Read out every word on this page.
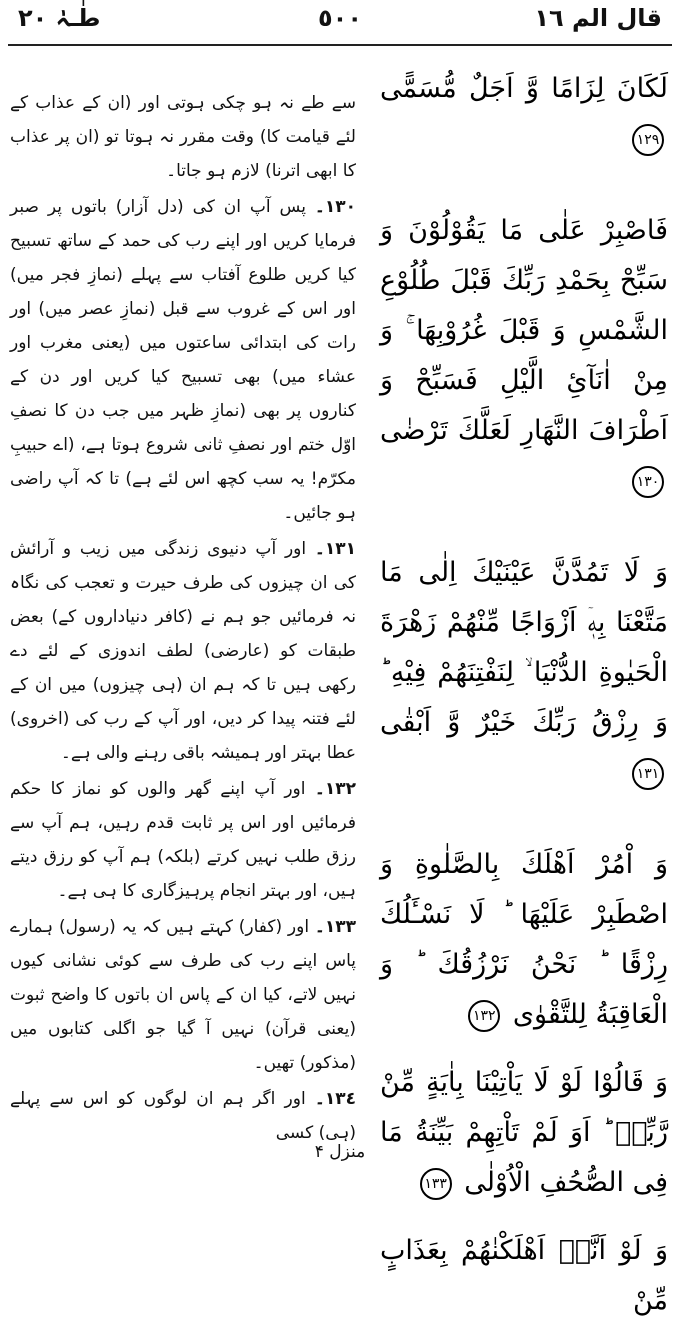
قال الم ١٦
٥٠٠
طٰـہٰ ٢٠

لَكَانَ لِزَامًا وَّ اَجَلٌ مُّسَمًّى ١٢٩

فَاصْبِرْ عَلٰى مَا يَقُوْلُوْنَ وَ سَبِّحْ بِحَمْدِ رَبِّكَ قَبْلَ طُلُوْعِ الشَّمْسِ وَ قَبْلَ غُرُوْبِهَا ۚ وَ مِنْ اٰنَآئِ الَّيْلِ فَسَبِّحْ وَ اَطْرَافَ النَّهَارِ لَعَلَّكَ تَرْضٰى ١٣٠

وَ لَا تَمُدَّنَّ عَيْنَيْكَ اِلٰى مَا مَتَّعْنَا بِهٖۤ اَزْوَاجًا مِّنْهُمْ زَهْرَةَ الْحَيٰوةِ الدُّنْيَا ۙ لِنَفْتِنَهُمْ فِيْهِ ؕ وَ رِزْقُ رَبِّكَ خَيْرٌ وَّ اَبْقٰى ١٣١

وَ اْمُرْ اَهْلَكَ بِالصَّلٰوةِ وَ اصْطَبِرْ عَلَيْهَا ؕ لَا نَسْـَٔلُكَ رِزْقًا ؕ نَحْنُ نَرْزُقُكَ ؕ وَ الْعَاقِبَةُ لِلتَّقْوٰى ١٣٢

وَ قَالُوْا لَوْ لَا يَاْتِيْنَا بِاٰيَةٍ مِّنْ رَّبِّهٖ ؕ اَوَ لَمْ تَاْتِهِمْ بَيِّنَةُ مَا فِى الصُّحُفِ الْاُوْلٰى ١٣٣

وَ لَوْ اَنَّاۤ اَهْلَكْنٰهُمْ بِعَذَابٍ مِّنْ

سے طے نہ ہو چکی ہوتی اور (ان کے عذاب کے لئے قیامت کا) وقت مقرر نہ ہوتا تو (ان پر عذاب کا ابھی اترنا) لازم ہو جاتا۔

١٣٠۔ پس آپ ان کی (دل آزار) باتوں پر صبر فرمایا کریں اور اپنے رب کی حمد کے ساتھ تسبیح کیا کریں طلوع آفتاب سے پہلے (نمازِ فجر میں) اور اس کے غروب سے قبل (نمازِ عصر میں) اور رات کی ابتدائی ساعتوں میں (یعنی مغرب اور عشاء میں) بھی تسبیح کیا کریں اور دن کے کناروں پر بھی (نمازِ ظہر میں جب دن کا نصفِ اوّل ختم اور نصفِ ثانی شروع ہوتا ہے، (اے حبیبِ مکرّم! یہ سب کچھ اس لئے ہے) تا کہ آپ راضی ہو جائیں۔

١٣١۔ اور آپ دنیوی زندگی میں زیب و آرائش کی ان چیزوں کی طرف حیرت و تعجب کی نگاہ نہ فرمائیں جو ہم نے (کافر دنیاداروں کے) بعض طبقات کو (عارضی) لطف اندوزی کے لئے دے رکھی ہیں تا کہ ہم ان (ہی چیزوں) میں ان کے لئے فتنہ پیدا کر دیں، اور آپ کے رب کی (اخروی) عطا بہتر اور ہمیشہ باقی رہنے والی ہے۔

١٣٢۔ اور آپ اپنے گھر والوں کو نماز کا حکم فرمائیں اور اس پر ثابت قدم رہیں، ہم آپ سے رزق طلب نہیں کرتے (بلکہ) ہم آپ کو رزق دیتے ہیں، اور بہتر انجام پرہیزگاری کا ہی ہے۔

١٣٣۔ اور (کفار) کہتے ہیں کہ یہ (رسول) ہمارے پاس اپنے رب کی طرف سے کوئی نشانی کیوں نہیں لاتے، کیا ان کے پاس ان باتوں کا واضح ثبوت (یعنی قرآن) نہیں آ گیا جو اگلی کتابوں میں (مذکور) تھیں۔

١٣٤۔ اور اگر ہم ان لوگوں کو اس سے پہلے (ہی) کسی

منزل ۴
